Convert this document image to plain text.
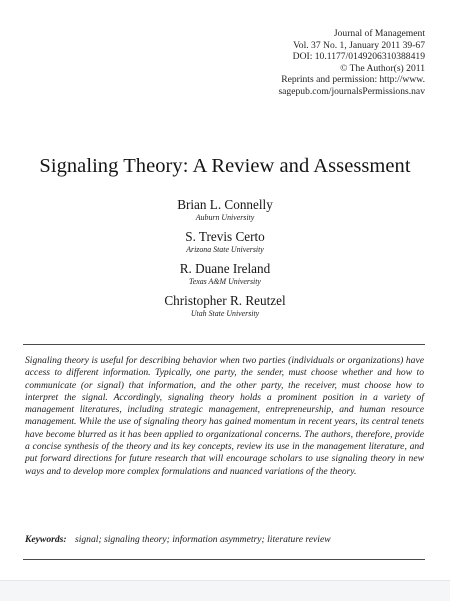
Journal of Management
Vol. 37 No. 1, January 2011 39-67
DOI: 10.1177/0149206310388419
© The Author(s) 2011
Reprints and permission: http://www.
sagepub.com/journalsPermissions.nav
Signaling Theory: A Review and Assessment
Brian L. Connelly
Auburn University
S. Trevis Certo
Arizona State University
R. Duane Ireland
Texas A&M University
Christopher R. Reutzel
Utah State University
Signaling theory is useful for describing behavior when two parties (individuals or organizations) have access to different information. Typically, one party, the sender, must choose whether and how to communicate (or signal) that information, and the other party, the receiver, must choose how to interpret the signal. Accordingly, signaling theory holds a prominent position in a variety of management literatures, including strategic management, entrepreneurship, and human resource management. While the use of signaling theory has gained momentum in recent years, its central tenets have become blurred as it has been applied to organizational concerns. The authors, therefore, provide a concise synthesis of the theory and its key concepts, review its use in the management literature, and put forward directions for future research that will encourage scholars to use signaling theory in new ways and to develop more complex formulations and nuanced variations of the theory.
Keywords: signal; signaling theory; information asymmetry; literature review
